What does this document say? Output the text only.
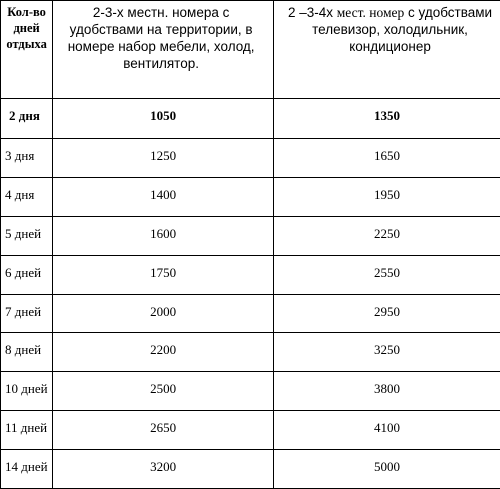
Кол-во дней отдыха	2-3-х местн. номера с удобствами на территории, в номере набор мебели, холод, вентилятор.	2 –3-4х мест. номер с удобствами телевизор, холодильник, кондиционер
2 дня	1050	1350
3 дня	1250	1650
4 дня	1400	1950
5 дней	1600	2250
6 дней	1750	2550
7 дней	2000	2950
8 дней	2200	3250
10 дней	2500	3800
11 дней	2650	4100
14 дней	3200	5000
